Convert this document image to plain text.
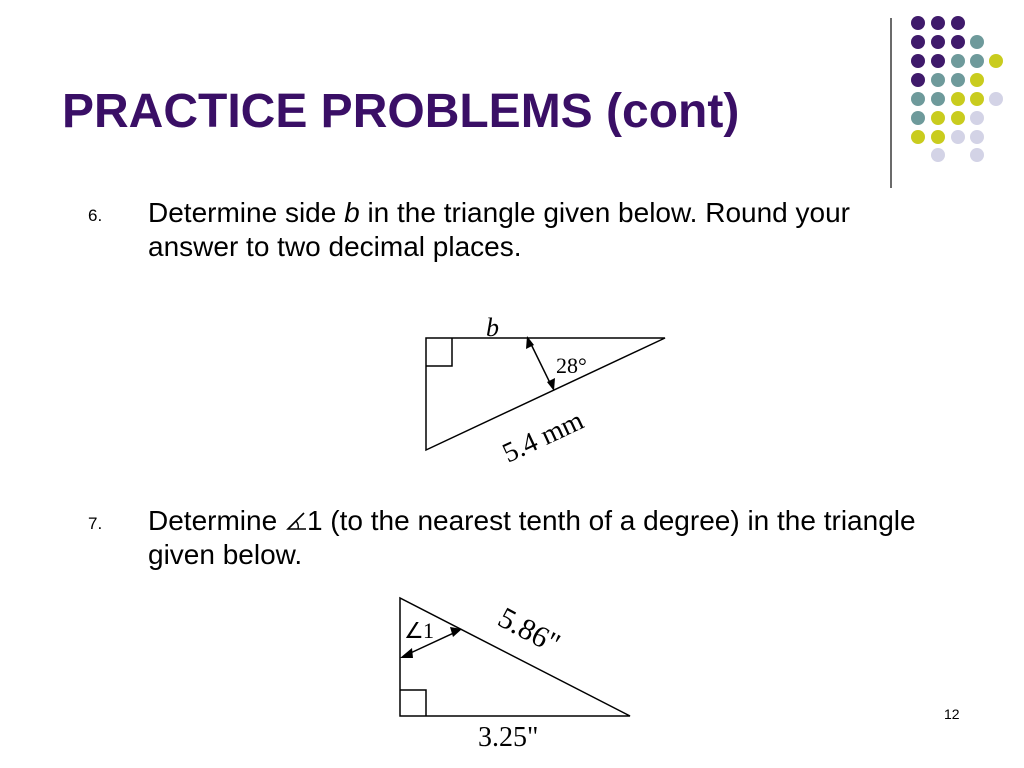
PRACTICE PROBLEMS (cont)
6. Determine side b in the triangle given below. Round your answer to two decimal places.
b
28°
5.4 mm
7. Determine 1 (to the nearest tenth of a degree) in the triangle given below.
∠ 1 5.86"
3.25"
12
